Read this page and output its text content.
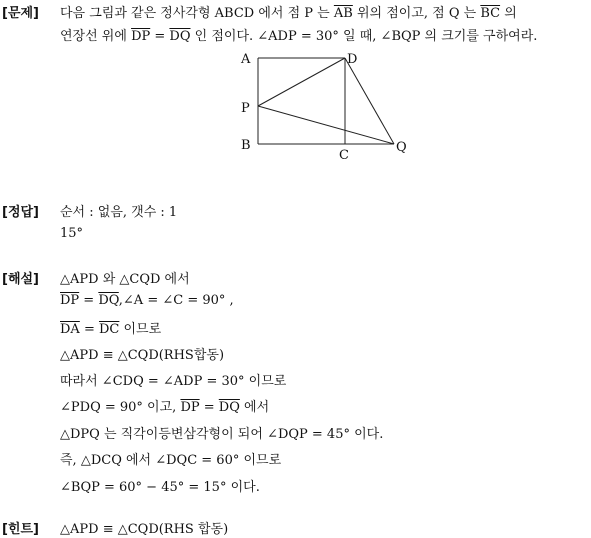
[문제] 다음 그림과 같은 정사각형 ABCD 에서 점 P 는 $\overline{AB}$ 위의 점이고, 점 Q 는 $\overline{BC}$ 의
연장선 위에 $\overline{DP} = \overline{DQ}$ 인 점이다. ∠ADP = 30° 일 때, ∠BQP 의 크기를 구하여라.
A	D
P
B
C
Q
[정답] 순서 : 없음, 갯수 : 1
15°
[해설] △APD 와 △CQD 에서
$\overline{DP}$ = $\overline{DQ},\angle A$ = ∠C = 90° ,
$\overline{DA} = \overline{DC}$ 이므로
△APD ≡ △CQD(RHS합동)
따라서 ∠CDQ = ∠ADP = 30° 이므로
∠PDQ = 90° 이고, $\overline{DP} = \overline{DQ}$ 에서
△DPQ 는 직각이등변삼각형이 되어 ∠DQP = 45° 이다.
즉, △DCQ 에서 ∠DQC = 60° 이므로
∠BQP = 60° − 45° = 15° 이다.
[힌트] △APD ≡ △CQD(RHS 합동)
